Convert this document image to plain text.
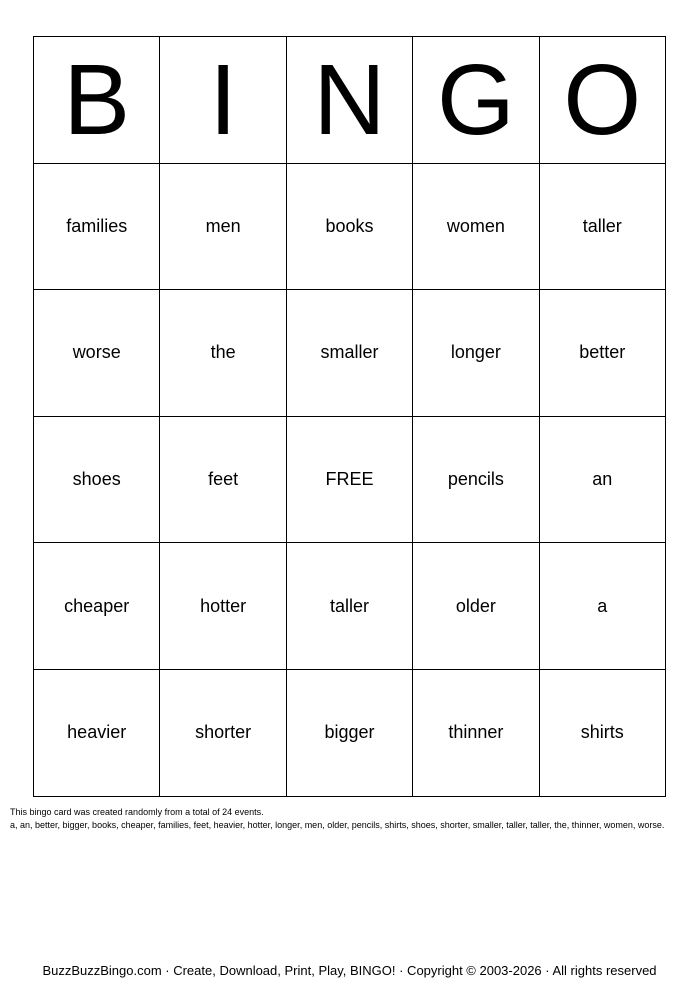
B	I	N	G	O
families	men	books	women	taller
worse	the	smaller	longer	better
shoes	feet	FREE	pencils	an
cheaper	hotter	taller	older	a
heavier	shorter	bigger	thinner	shirts
This bingo card was created randomly from a total of 24 events.
a, an, better, bigger, books, cheaper, families, feet, heavier, hotter, longer, men, older, pencils, shirts, shoes, shorter, smaller, taller, taller, the, thinner, women, worse.
BuzzBuzzBingo.com · Create, Download, Print, Play, BINGO! · Copyright © 2003-2026 · All rights reserved
